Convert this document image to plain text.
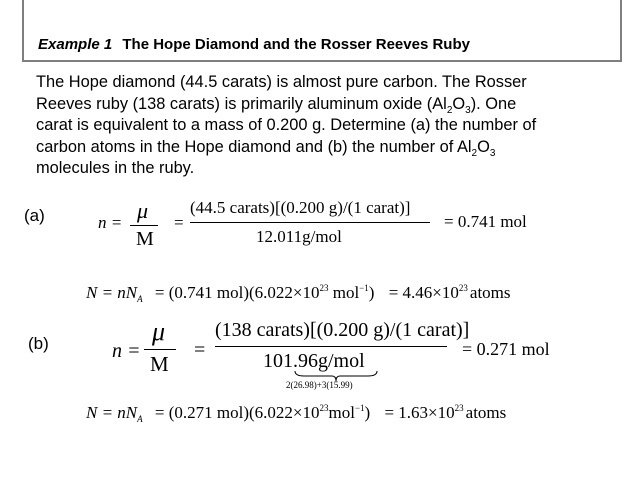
Example 1 The Hope Diamond and the Rosser Reeves Ruby
The Hope diamond (44.5 carats) is almost pure carbon. The Rosser
Reeves ruby (138 carats) is primarily aluminum oxide $(Al_2O_3)$. One
carat is equivalent to a mass of 0.200 g. Determine (a) the number of
carbon atoms in the Hope diamond and (b) the number of $Al_2O_3$
molecules in the ruby.
(a)	n = μ
M
=
(44.5 carats)[(0.200 g)/(1 carat)]
12.011g/mol
= 0.741 mol
$N = nN_A = (0.741$ $mol)(6.022\times 10^{23}$ $mol^{-1}) = 4.46\times 10^{23}$ atoms
(b)	n =
μ
M
=
(138 carats)[(0.200 g)/(1 carat)]
101.96g/mol
2(26.98)+3(15.99)
= 0.271 mol
$N = nN_A = (0.271$ $mol)(6.022\times 10^{23}mol^{-1}) = 1.63\times 10^{23}$ atoms
